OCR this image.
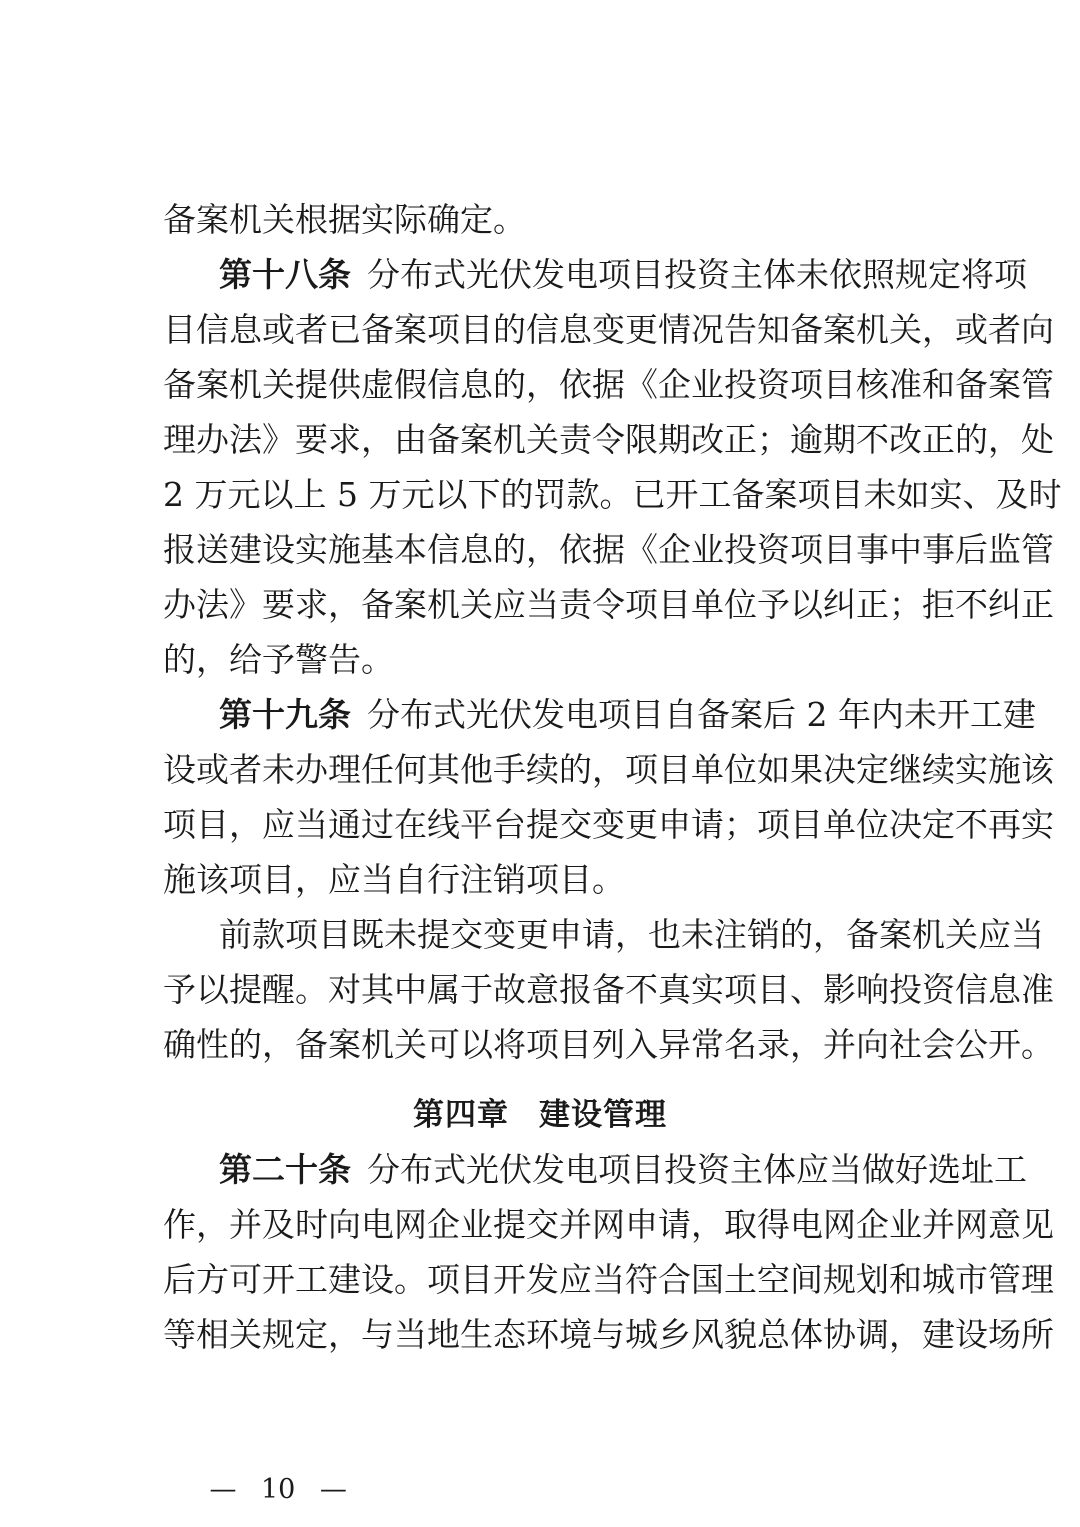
备案机关根据实际确定。
第十八条 分布式光伏发电项目投资主体未依照规定将项
目信息或者已备案项目的信息变更情况告知备案机关，或者向
备案机关提供虚假信息的，依据《企业投资项目核准和备案管
理办法》要求，由备案机关责令限期改正；逾期不改正的，处
2 万元以上 5 万元以下的罚款。已开工备案项目未如实、及时
报送建设实施基本信息的，依据《企业投资项目事中事后监管
办法》要求，备案机关应当责令项目单位予以纠正；拒不纠正
的，给予警告。
第十九条 分布式光伏发电项目自备案后 2 年内未开工建
设或者未办理任何其他手续的，项目单位如果决定继续实施该
项目，应当通过在线平台提交变更申请；项目单位决定不再实
施该项目，应当自行注销项目。
前款项目既未提交变更申请，也未注销的，备案机关应当
予以提醒。对其中属于故意报备不真实项目、影响投资信息准
确性的，备案机关可以将项目列入异常名录，并向社会公开。
第四章 建设管理
第二十条 分布式光伏发电项目投资主体应当做好选址工
作，并及时向电网企业提交并网申请，取得电网企业并网意见
后方可开工建设。项目开发应当符合国土空间规划和城市管理
等相关规定，与当地生态环境与城乡风貌总体协调，建设场所
— 10 —
